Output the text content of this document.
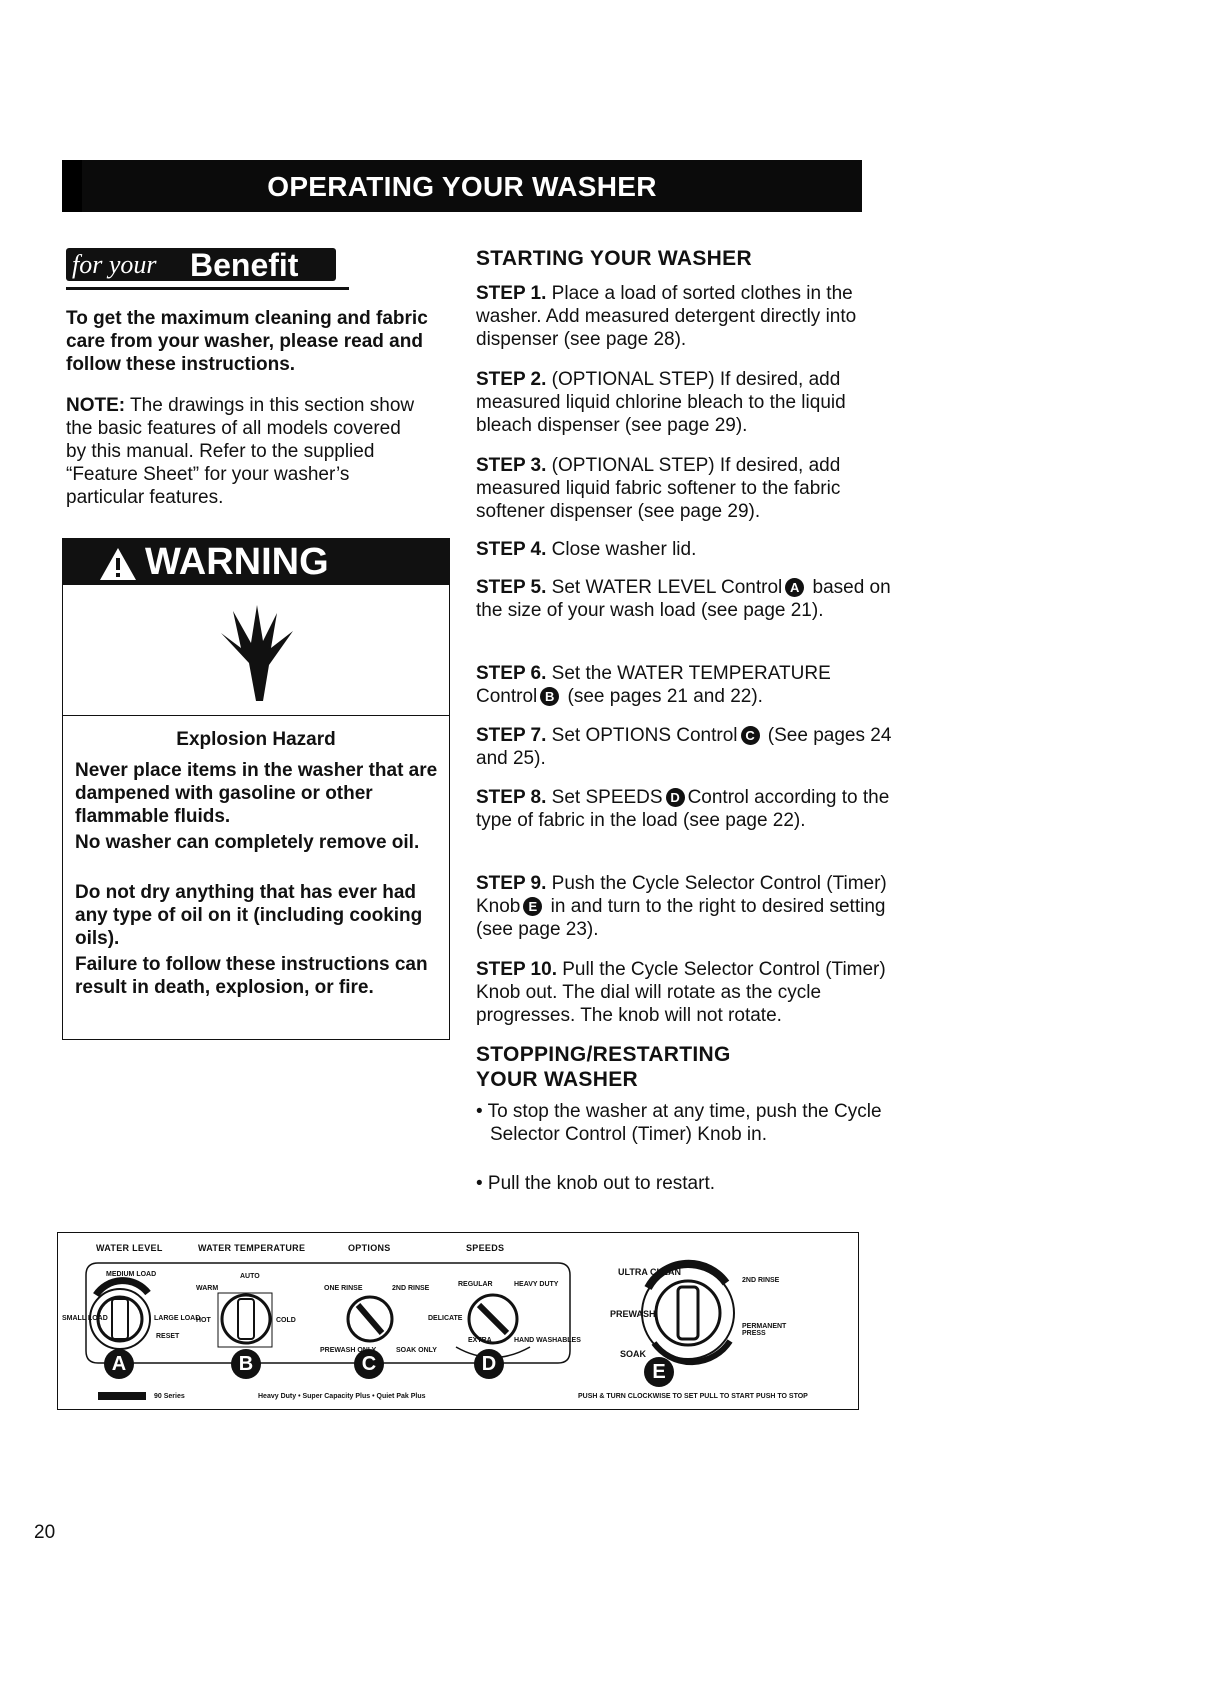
OPERATING YOUR WASHER
for your Benefit
To get the maximum cleaning and fabric care from your washer, please read and follow these instructions.
NOTE: The drawings in this section show the basic features of all models covered by this manual. Refer to the supplied “Feature Sheet” for your washer’s particular features.
WARNING
Explosion Hazard
Never place items in the washer that are dampened with gasoline or other flammable fluids.
No washer can completely remove oil.
Do not dry anything that has ever had any type of oil on it (including cooking oils).
Failure to follow these instructions can result in death, explosion, or fire.
STARTING YOUR WASHER
STEP 1. Place a load of sorted clothes in the washer. Add measured detergent directly into dispenser (see page 28).
STEP 2. (OPTIONAL STEP) If desired, add measured liquid chlorine bleach to the liquid bleach dispenser (see page 29).
STEP 3. (OPTIONAL STEP) If desired, add measured liquid fabric softener to the fabric softener dispenser (see page 29).
STEP 4. Close washer lid.
STEP 5. Set WATER LEVEL Control A based on the size of your wash load (see page 21).
STEP 6. Set the WATER TEMPERATURE Control B (see pages 21 and 22).
STEP 7. Set OPTIONS Control C (See pages 24 and 25).
STEP 8. Set SPEEDS D Control according to the type of fabric in the load (see page 22).
STEP 9. Push the Cycle Selector Control (Timer) Knob E in and turn to the right to desired setting (see page 23).
STEP 10. Pull the Cycle Selector Control (Timer) Knob out. The dial will rotate as the cycle progresses. The knob will not rotate.
STOPPING/RESTARTING
YOUR WASHER
• To stop the washer at any time, push the Cycle Selector Control (Timer) Knob in.
• Pull the knob out to restart.
WATER LEVEL	WATER TEMPERATURE	OPTIONS	SPEEDS
A	B	C	D	E
MEDIUM LOAD
SMALL LOAD	LARGE LOAD
RESET
AUTO
WARM
HOT	COLD
ONE RINSE	2ND RINSE
PREWASH ONLY	SOAK ONLY
REGULAR	HEAVY DUTY
DELICATE
HAND WASHABLES
EXTRA
ULTRA CLEAN
PREWASH
SOAK
2ND RINSE
PERMANENT PRESS
90 Series	Heavy Duty • Super Capacity Plus • Quiet Pak Plus	PUSH & TURN CLOCKWISE TO SET PULL TO START PUSH TO STOP
20
